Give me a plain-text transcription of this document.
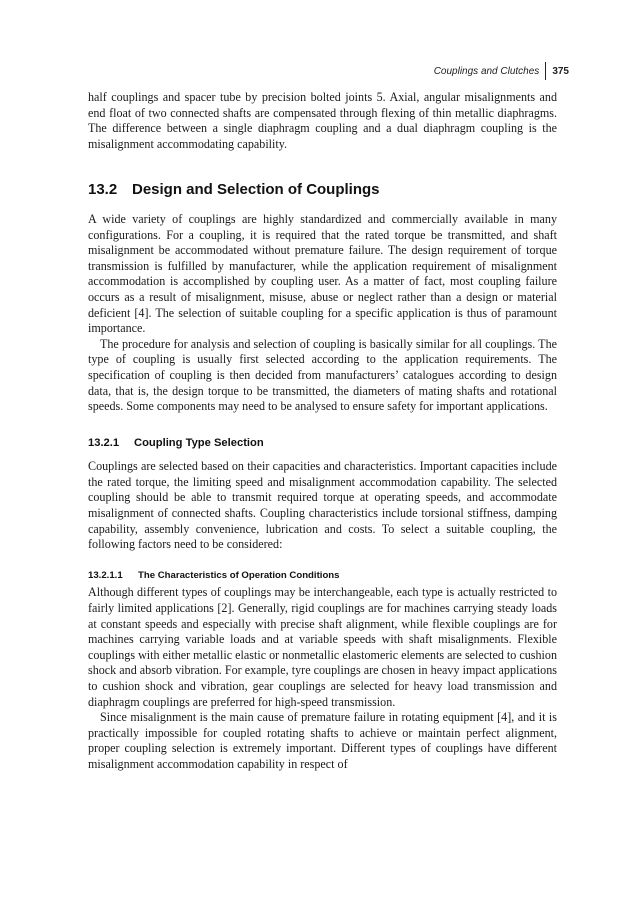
Couplings and Clutches	375

half couplings and spacer tube by precision bolted joints 5. Axial, angular misalignments and end float of two connected shafts are compensated through flexing of thin metallic diaphragms. The difference between a single diaphragm coupling and a dual diaphragm coupling is the misalignment accommodating capability.

13.2 Design and Selection of Couplings

A wide variety of couplings are highly standardized and commercially available in many configurations. For a coupling, it is required that the rated torque be transmitted, and shaft misalignment be accommodated without premature failure. The design requirement of torque transmission is fulfilled by manufacturer, while the application requirement of misalignment accommodation is accomplished by coupling user. As a matter of fact, most coupling failure occurs as a result of misalignment, misuse, abuse or neglect rather than a design or material deficient [4]. The selection of suitable coupling for a specific application is thus of paramount importance.

The procedure for analysis and selection of coupling is basically similar for all couplings. The type of coupling is usually first selected according to the application requirements. The specification of coupling is then decided from manufacturers’ catalogues according to design data, that is, the design torque to be transmitted, the diameters of mating shafts and rotational speeds. Some components may need to be analysed to ensure safety for important applications.

13.2.1	Coupling Type Selection

Couplings are selected based on their capacities and characteristics. Important capacities include the rated torque, the limiting speed and misalignment accommodation capability. The selected coupling should be able to transmit required torque at operating speeds, and accommodate misalignment of connected shafts. Coupling characteristics include torsional stiffness, damping capability, assembly convenience, lubrication and costs. To select a suitable coupling, the following factors need to be considered:

13.2.1.1	The Characteristics of Operation Conditions

Although different types of couplings may be interchangeable, each type is actually restricted to fairly limited applications [2]. Generally, rigid couplings are for machines carrying steady loads at constant speeds and especially with precise shaft alignment, while flexible couplings are for machines carrying variable loads and at variable speeds with shaft misalignments. Flexible couplings with either metallic elastic or nonmetallic elastomeric elements are selected to cushion shock and absorb vibration. For example, tyre couplings are chosen in heavy impact applications to cushion shock and vibration, gear couplings are selected for heavy load transmission and diaphragm couplings are preferred for high-speed transmission.

Since misalignment is the main cause of premature failure in rotating equipment [4], and it is practically impossible for coupled rotating shafts to achieve or maintain perfect alignment, proper coupling selection is extremely important. Different types of couplings have different misalignment accommodation capability in respect of
